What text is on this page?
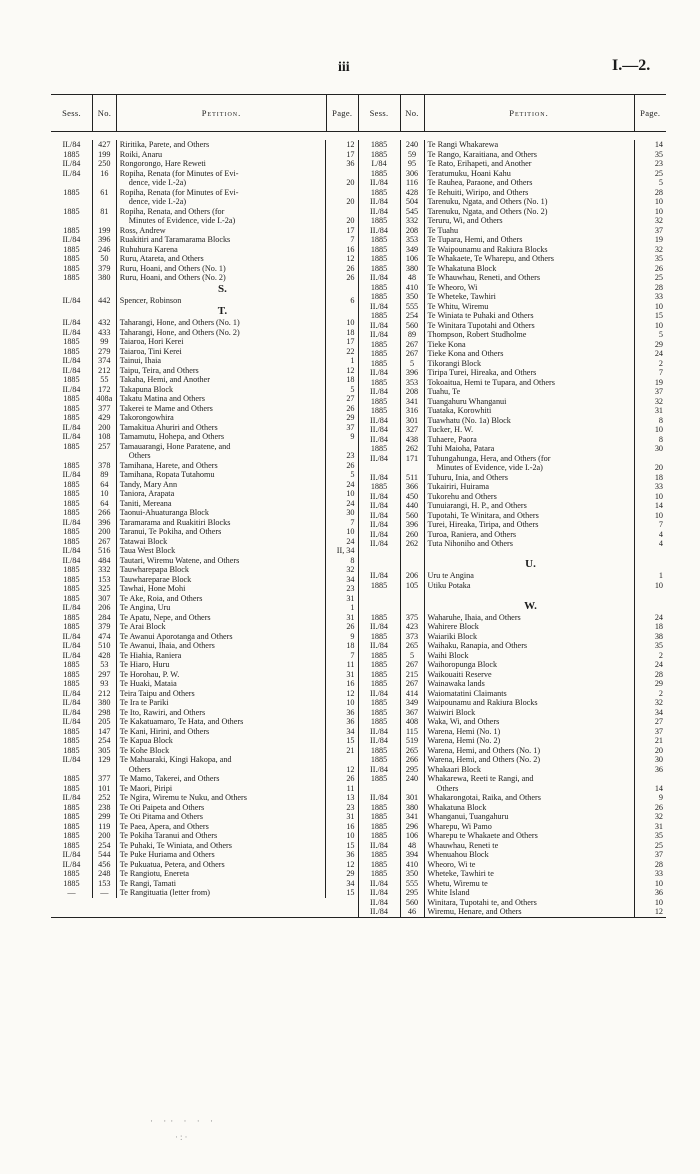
iii	I.—2.
Sess.	No.	Petition.	Page.	Sess.	No.	Petition.	Page.
II./84	427	Riritika, Parete, and Others	12
1885	199	Roiki, Anaru	17
II./84	250	Rongorongo, Hare Reweti	36
II./84	16	Ropiha, Renata (for Minutes of Evi-
dence, vide I.-2a)	20
1885	61	Ropiha, Renata (for Minutes of Evi-
dence, vide I.-2a)	20
1885	81	Ropiha, Renata, and Others (for
Minutes of Evidence, vide I.-2a)	20
1885	199	Ross, Andrew	17
II./84	396	Ruakitiri and Taramarama Blocks	7
1885	246	Ruhuhura Karena	16
1885	50	Ruru, Atareta, and Others	12
1885	379	Ruru, Hoani, and Others (No. 1)	26
1885	380	Ruru, Hoani, and Others (No. 2)	26
S.
II./84	442	Spencer, Robinson	6
T.
II./84	432	Taharangi, Hone, and Others (No. 1)	10
II./84	433	Taharangi, Hone, and Others (No. 2)	18
1885	99	Taiaroa, Hori Kerei	17
1885	279	Taiaroa, Tini Kerei	22
II./84	374	Tainui, Ihaia	1
II./84	212	Taipu, Teira, and Others	12
1885	55	Takaha, Hemi, and Another	18
II./84	172	Takapuna Block	5
1885	408a Takatu Matina and Others	27
1885	377	Takerei te Mame and Others	26
1885	429	Takorongowhira	29
II./84	200	Tamakitua Ahuriri and Others	37
II./84	108	Tamamutu, Hohepa, and Others	9
1885	257	Tamauarangi, Hone Paratene, and
Others	23
1885	378	Tamihana, Harete, and Others	26
II./84	89	Tamihana, Ropata Tutahomu	5
1885	64	Tandy, Mary Ann	24
1885	10	Taniora, Arapata	10
1885	64	Taniti, Mereana	24
1885	266	Taonui-Ahuaturanga Block	30
II./84	396	Taramarama and Ruakitiri Blocks	7
1885	200	Taranui, Te Pokiha, and Others	10
1885	267	Tatawai Block	24
II./84	516	Taua West Block	II, 34
II./84	484	Tautari, Wiremu Watene, and Others	8
1885	332	Tauwharepapa Block	32
1885	153	Tauwhareparae Block	34
1885	325	Tawhai, Hone Mohi	23
1885	307	Te Ake, Roia, and Others	31
II./84	206	Te Angina, Uru	1
1885	284	Te Apatu, Nepe, and Others	31
1885	379	Te Arai Block	26
II./84	474	Te Awanui Aporotanga and Others	9
II./84	510	Te Awanui, Ihaia, and Others	18
II./84	428	Te Hiahia, Raniera	7
1885	53	Te Hiaro, Huru	11
1885	297	Te Horohau, P. W.	31
1885	93	Te Huaki, Mataia	16
II./84	212	Teira Taipu and Others	12
II./84	380	Te Ira te Pariki	10
II./84	298	Te Ito, Rawiri, and Others	36
II./84	205	Te Kakatuamaro, Te Hata, and Others	36
1885	147	Te Kani, Hirini, and Others	34
1885	254	Te Kapua Block	15
1885	305	Te Kohe Block	21
II./84	129	Te Mahuaraki, Kingi Hakopa, and
Others	12
1885	377	Te Mamo, Takerei, and Others	26
1885	101	Te Maori, Piripi	11
II./84	252	Te Ngira, Wiremu te Nuku, and Others	13
1885	238	Te Oti Paipeta and Others	23
1885	299	Te Oti Pitama and Others	31
1885	119	Te Paea, Apera, and Others	16
1885	200	Te Pokiha Taranui and Others	10
1885	254	Te Puhaki, Te Winiata, and Others	15
II./84	544	Te Puke Huriama and Others	36
II./84	456	Te Pukuatua, Petera, and Others	12
1885	248	Te Rangiotu, Enereta	29
1885	153	Te Rangi, Tamati	34
—	—	Te Rangituatia (letter from)	15
1885	240	Te Rangi Whakarewa	14
1885	59	Te Rango, Karaitiana, and Others	35
I./84	95	Te Rato, Erihapeti, and Another	23
1885	306	Teratumuku, Hoani Kahu	25
II./84	116	Te Rauhea, Paraone, and Others	5
1885	428	Te Rehuiti, Wiripo, and Others	28
II./84	504	Tarenuku, Ngata, and Others (No. 1)	10
II./84	545	Tarenuku, Ngata, and Others (No. 2)	10
1885	332	Teruru, Wi, and Others	32
II./84	208	Te Tuahu	37
1885	353	Te Tupara, Hemi, and Others	19
1885	349	Te Waipounamu and Rakiura Blocks	32
1885	106	Te Whakaete, Te Wharepu, and Others	35
1885	380	Te Whakatuna Block	26
II./84	48	Te Whauwhau, Reneti, and Others	25
1885	410	Te Wheoro, Wi	28
1885	350	Te Wheteke, Tawhiri	33
II./84	555	Te Whitu, Wiremu	10
1885	254	Te Winiata te Puhaki and Others	15
II./84	560	Te Winitara Tupotahi and Others	10
II./84	89	Thompson, Robert Studholme	5
1885	267	Tieke Kona	29
1885	267	Tieke Kona and Others	24
1885	5	Tikorangi Block	2
II./84	396	Tiripa Turei, Hireaka, and Others	7
1885	353	Tokoaitua, Hemi te Tupara, and Others	19
II./84	208	Tuahu, Te	37
1885	341	Tuangahuru Whanganui	32
1885	316	Tuataka, Korowhiti	31
II./84	301	Tuawhatu (No. 1a) Block	8
II./84	327	Tucker, H. W.	10
II./84	438	Tuhaere, Paora	8
1885	262	Tuhi Maioha, Patara	30
II./84	171	Tuhungahunga, Hera, and Others (for
Minutes of Evidence, vide I.-2a)	20
II./84	511	Tuhuru, Inia, and Others	18
1885	366	Tukairiri, Huirama	33
II./84	450	Tukorehu and Others	10
II./84	440	Tunuiarangi, H. P., and Others	14
II./84	560	Tupotahi, Te Winitara, and Others	10
II./84	396	Turei, Hireaka, Tiripa, and Others	7
II./84	260	Turoa, Raniera, and Others	4
II./84	262	Tuta Nihoniho and Others	4
U.
II./84	206	Uru te Angina	1
1885	105	Utiku Potaka	10
W.
1885	375	Waharuhe, Ihaia, and Others	24
II./84	423	Wahirere Block	18
1885	373	Waiariki Block	38
II./84	265	Waihaku, Ranapia, and Others	35
1885	5	Waihi Block	2
1885	267	Waihoropunga Block	24
1885	215	Waikouaiti Reserve	28
1885	267	Wainawaka lands	29
II./84	414	Waiomatatini Claimants	2
1885	349	Waipounamu and Rakiura Blocks	32
1885	367	Waiwiri Block	34
1885	408	Waka, Wi, and Others	27
II./84	115	Warena, Hemi (No. 1)	37
II./84	519	Warena, Hemi (No. 2)	21
1885	265	Warena, Hemi, and Others (No. 1)	20
1885	266	Warena, Hemi, and Others (No. 2)	30
II./84	295	Whakaari Block	36
1885	240	Whakarewa, Reeti te Rangi, and
Others	14
II./84	301	Whakarongotai, Raika, and Others	9
1885	380	Whakatuna Block	26
1885	341	Whanganui, Tuangahuru	32
1885	296	Wharepu, Wi Pamo	31
1885	106	Wharepu te Whakaete and Others	35
II./84	48	Whauwhau, Reneti te	25
1885	394	Whenuahou Block	37
1885	410	Wheoro, Wi te	28
1885	350	Wheteke, Tawhiri te	33
II./84	555	Whetu, Wiremu te	10
II./84	295	White Island	36
II./84	560	Winitara, Tupotahi te, and Others	10
II./84	46	Wiremu, Henare, and Others	12
· ·· · · ·
·:·
